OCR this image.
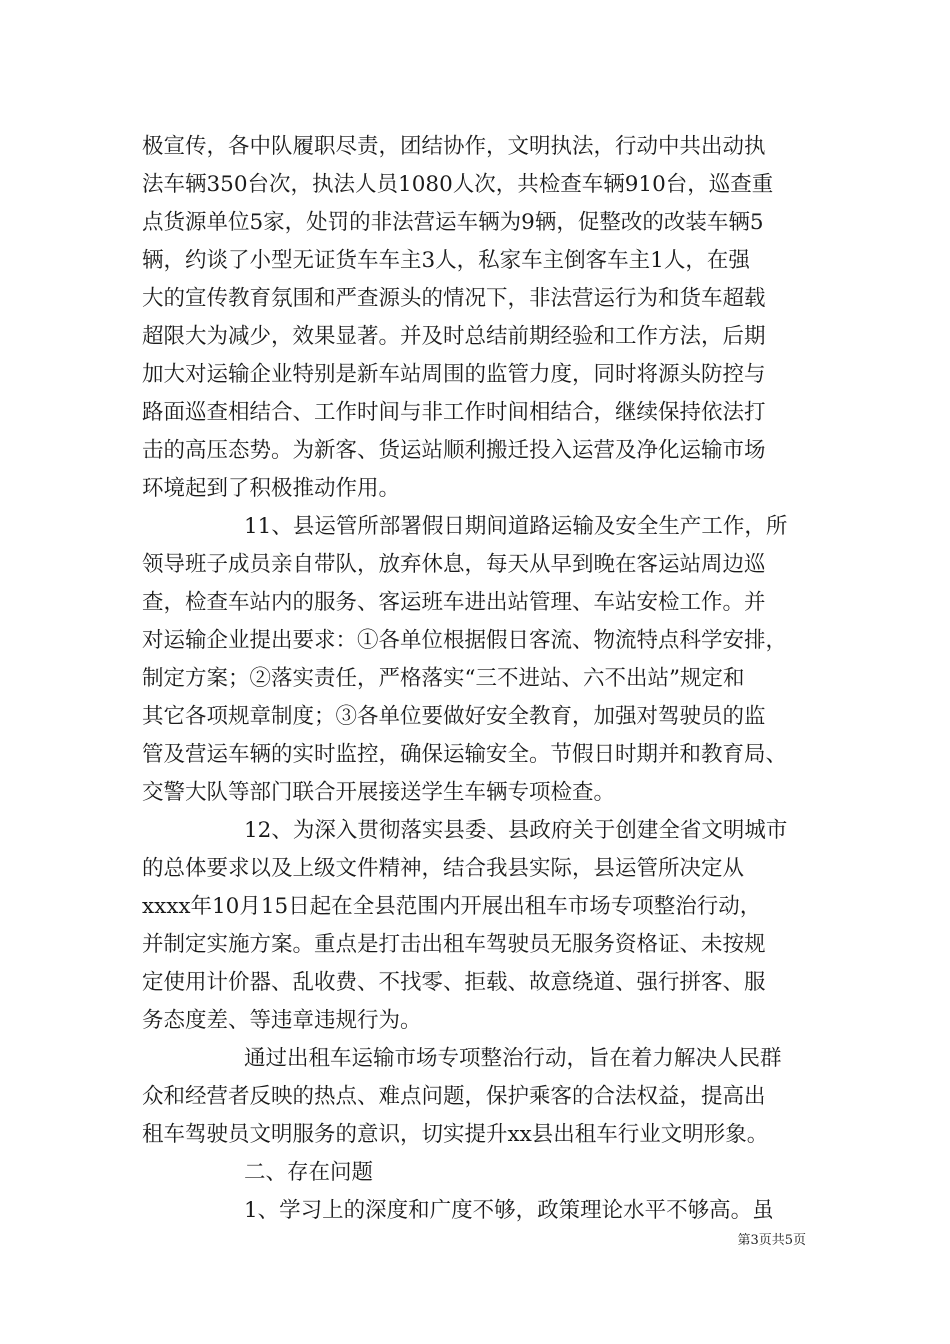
极宣传，各中队履职尽责，团结协作，文明执法，行动中共出动执
法车辆350台次，执法人员1080人次，共检查车辆910台，巡查重
点货源单位5家，处罚的非法营运车辆为9辆，促整改的改装车辆5
辆，约谈了小型无证货车车主3人，私家车主倒客车主1人，在强
大的宣传教育氛围和严查源头的情况下，非法营运行为和货车超载
超限大为减少，效果显著。并及时总结前期经验和工作方法，后期
加大对运输企业特别是新车站周围的监管力度，同时将源头防控与
路面巡查相结合、工作时间与非工作时间相结合，继续保持依法打
击的高压态势。为新客、货运站顺利搬迁投入运营及净化运输市场
环境起到了积极推动作用。
11、县运管所部署假日期间道路运输及安全生产工作，所
领导班子成员亲自带队，放弃休息，每天从早到晚在客运站周边巡
查，检查车站内的服务、客运班车进出站管理、车站安检工作。并
对运输企业提出要求：①各单位根据假日客流、物流特点科学安排，
制定方案；②落实责任，严格落实“三不进站、六不出站”规定和
其它各项规章制度；③各单位要做好安全教育，加强对驾驶员的监
管及营运车辆的实时监控，确保运输安全。节假日时期并和教育局、
交警大队等部门联合开展接送学生车辆专项检查。
12、为深入贯彻落实县委、县政府关于创建全省文明城市
的总体要求以及上级文件精神，结合我县实际，县运管所决定从
xxxx年10月15日起在全县范围内开展出租车市场专项整治行动，
并制定实施方案。重点是打击出租车驾驶员无服务资格证、未按规
定使用计价器、乱收费、不找零、拒载、故意绕道、强行拼客、服
务态度差、等违章违规行为。
通过出租车运输市场专项整治行动，旨在着力解决人民群
众和经营者反映的热点、难点问题，保护乘客的合法权益，提高出
租车驾驶员文明服务的意识，切实提升xx县出租车行业文明形象。
二、存在问题
1、学习上的深度和广度不够，政策理论水平不够高。虽
第3页共5页
